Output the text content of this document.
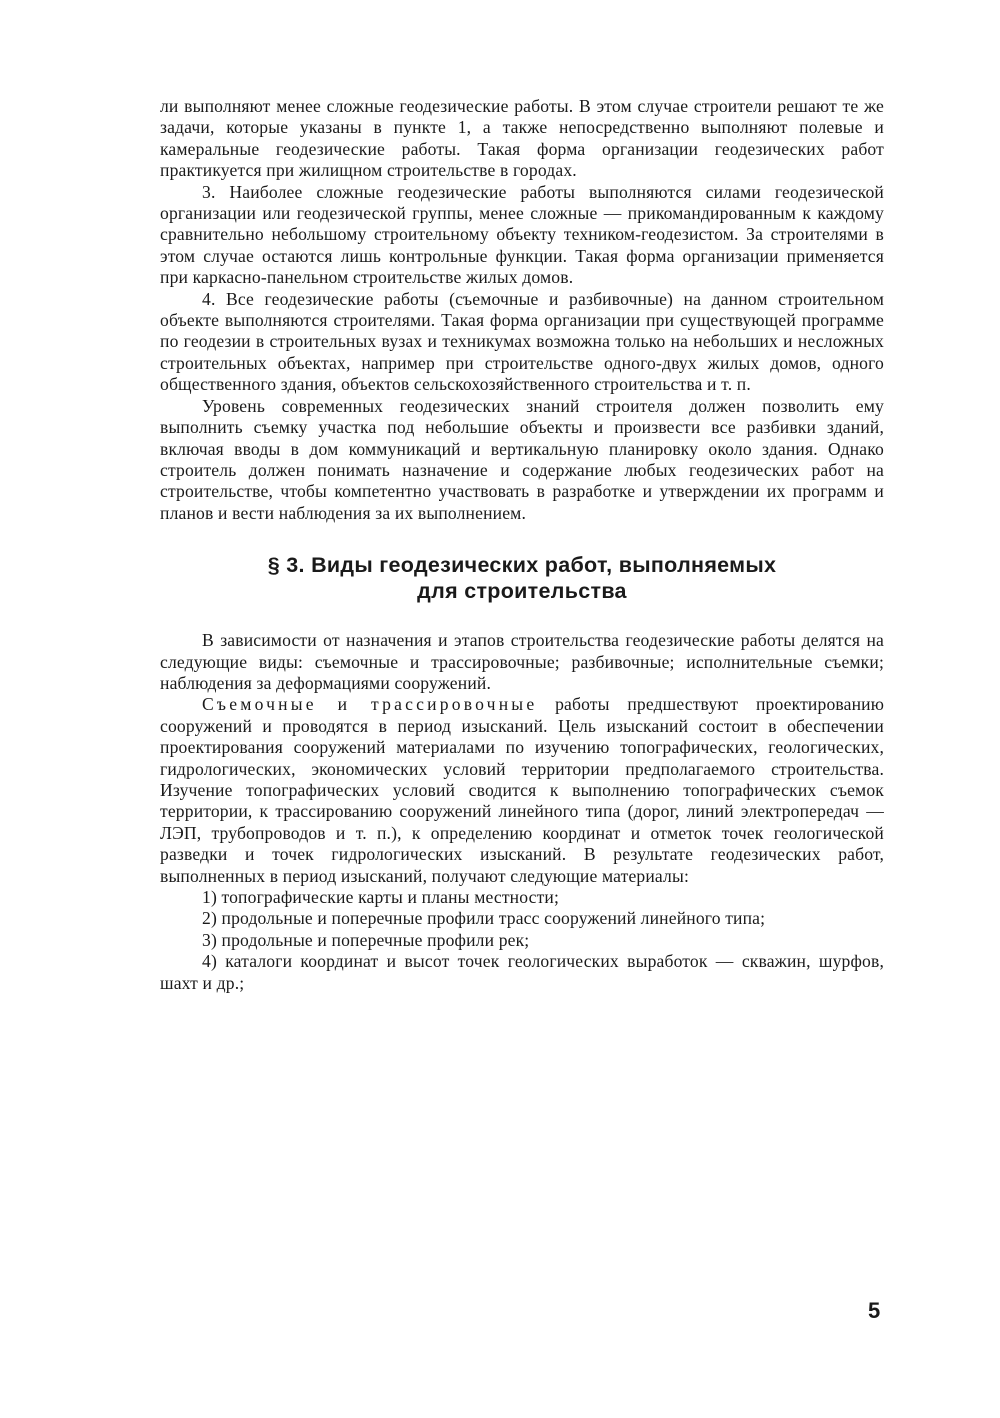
ли выполняют менее сложные геодезические работы. В этом случае строители решают те же задачи, которые указаны в пункте 1, а также непосредственно выполняют полевые и камеральные геодезические работы. Такая форма организации геодезических работ практикуется при жилищном строительстве в городах.

3. Наиболее сложные геодезические работы выполняются силами геодезической организации или геодезической группы, менее сложные — прикомандированным к каждому сравнительно небольшому строительному объекту техником-геодезистом. За строителями в этом случае остаются лишь контрольные функции. Такая форма организации применяется при каркасно-панельном строительстве жилых домов.

4. Все геодезические работы (съемочные и разбивочные) на данном строительном объекте выполняются строителями. Такая форма организации при существующей программе по геодезии в строительных вузах и техникумах возможна только на небольших и несложных строительных объектах, например при строительстве одного-двух жилых домов, одного общественного здания, объектов сельскохозяйственного строительства и т. п.

Уровень современных геодезических знаний строителя должен позволить ему выполнить съемку участка под небольшие объекты и произвести все разбивки зданий, включая вводы в дом коммуникаций и вертикальную планировку около здания. Однако строитель должен понимать назначение и содержание любых геодезических работ на строительстве, чтобы компетентно участвовать в разработке и утверждении их программ и планов и вести наблюдения за их выполнением.

§ 3. Виды геодезических работ, выполняемых
для строительства

В зависимости от назначения и этапов строительства геодезические работы делятся на следующие виды: съемочные и трассировочные; разбивочные; исполнительные съемки; наблюдения за деформациями сооружений.

Съемочные и трассировочные работы предшествуют проектированию сооружений и проводятся в период изысканий. Цель изысканий состоит в обеспечении проектирования сооружений материалами по изучению топографических, геологических, гидрологических, экономических условий территории предполагаемого строительства. Изучение топографических условий сводится к выполнению топографических съемок территории, к трассированию сооружений линейного типа (дорог, линий электропередач — ЛЭП, трубопроводов и т. п.), к определению координат и отметок точек геологической разведки и точек гидрологических изысканий. В результате геодезических работ, выполненных в период изысканий, получают следующие материалы:

1) топографические карты и планы местности;

2) продольные и поперечные профили трасс сооружений линейного типа;

3) продольные и поперечные профили рек;

4) каталоги координат и высот точек геологических выработок — скважин, шурфов, шахт и др.;

5
